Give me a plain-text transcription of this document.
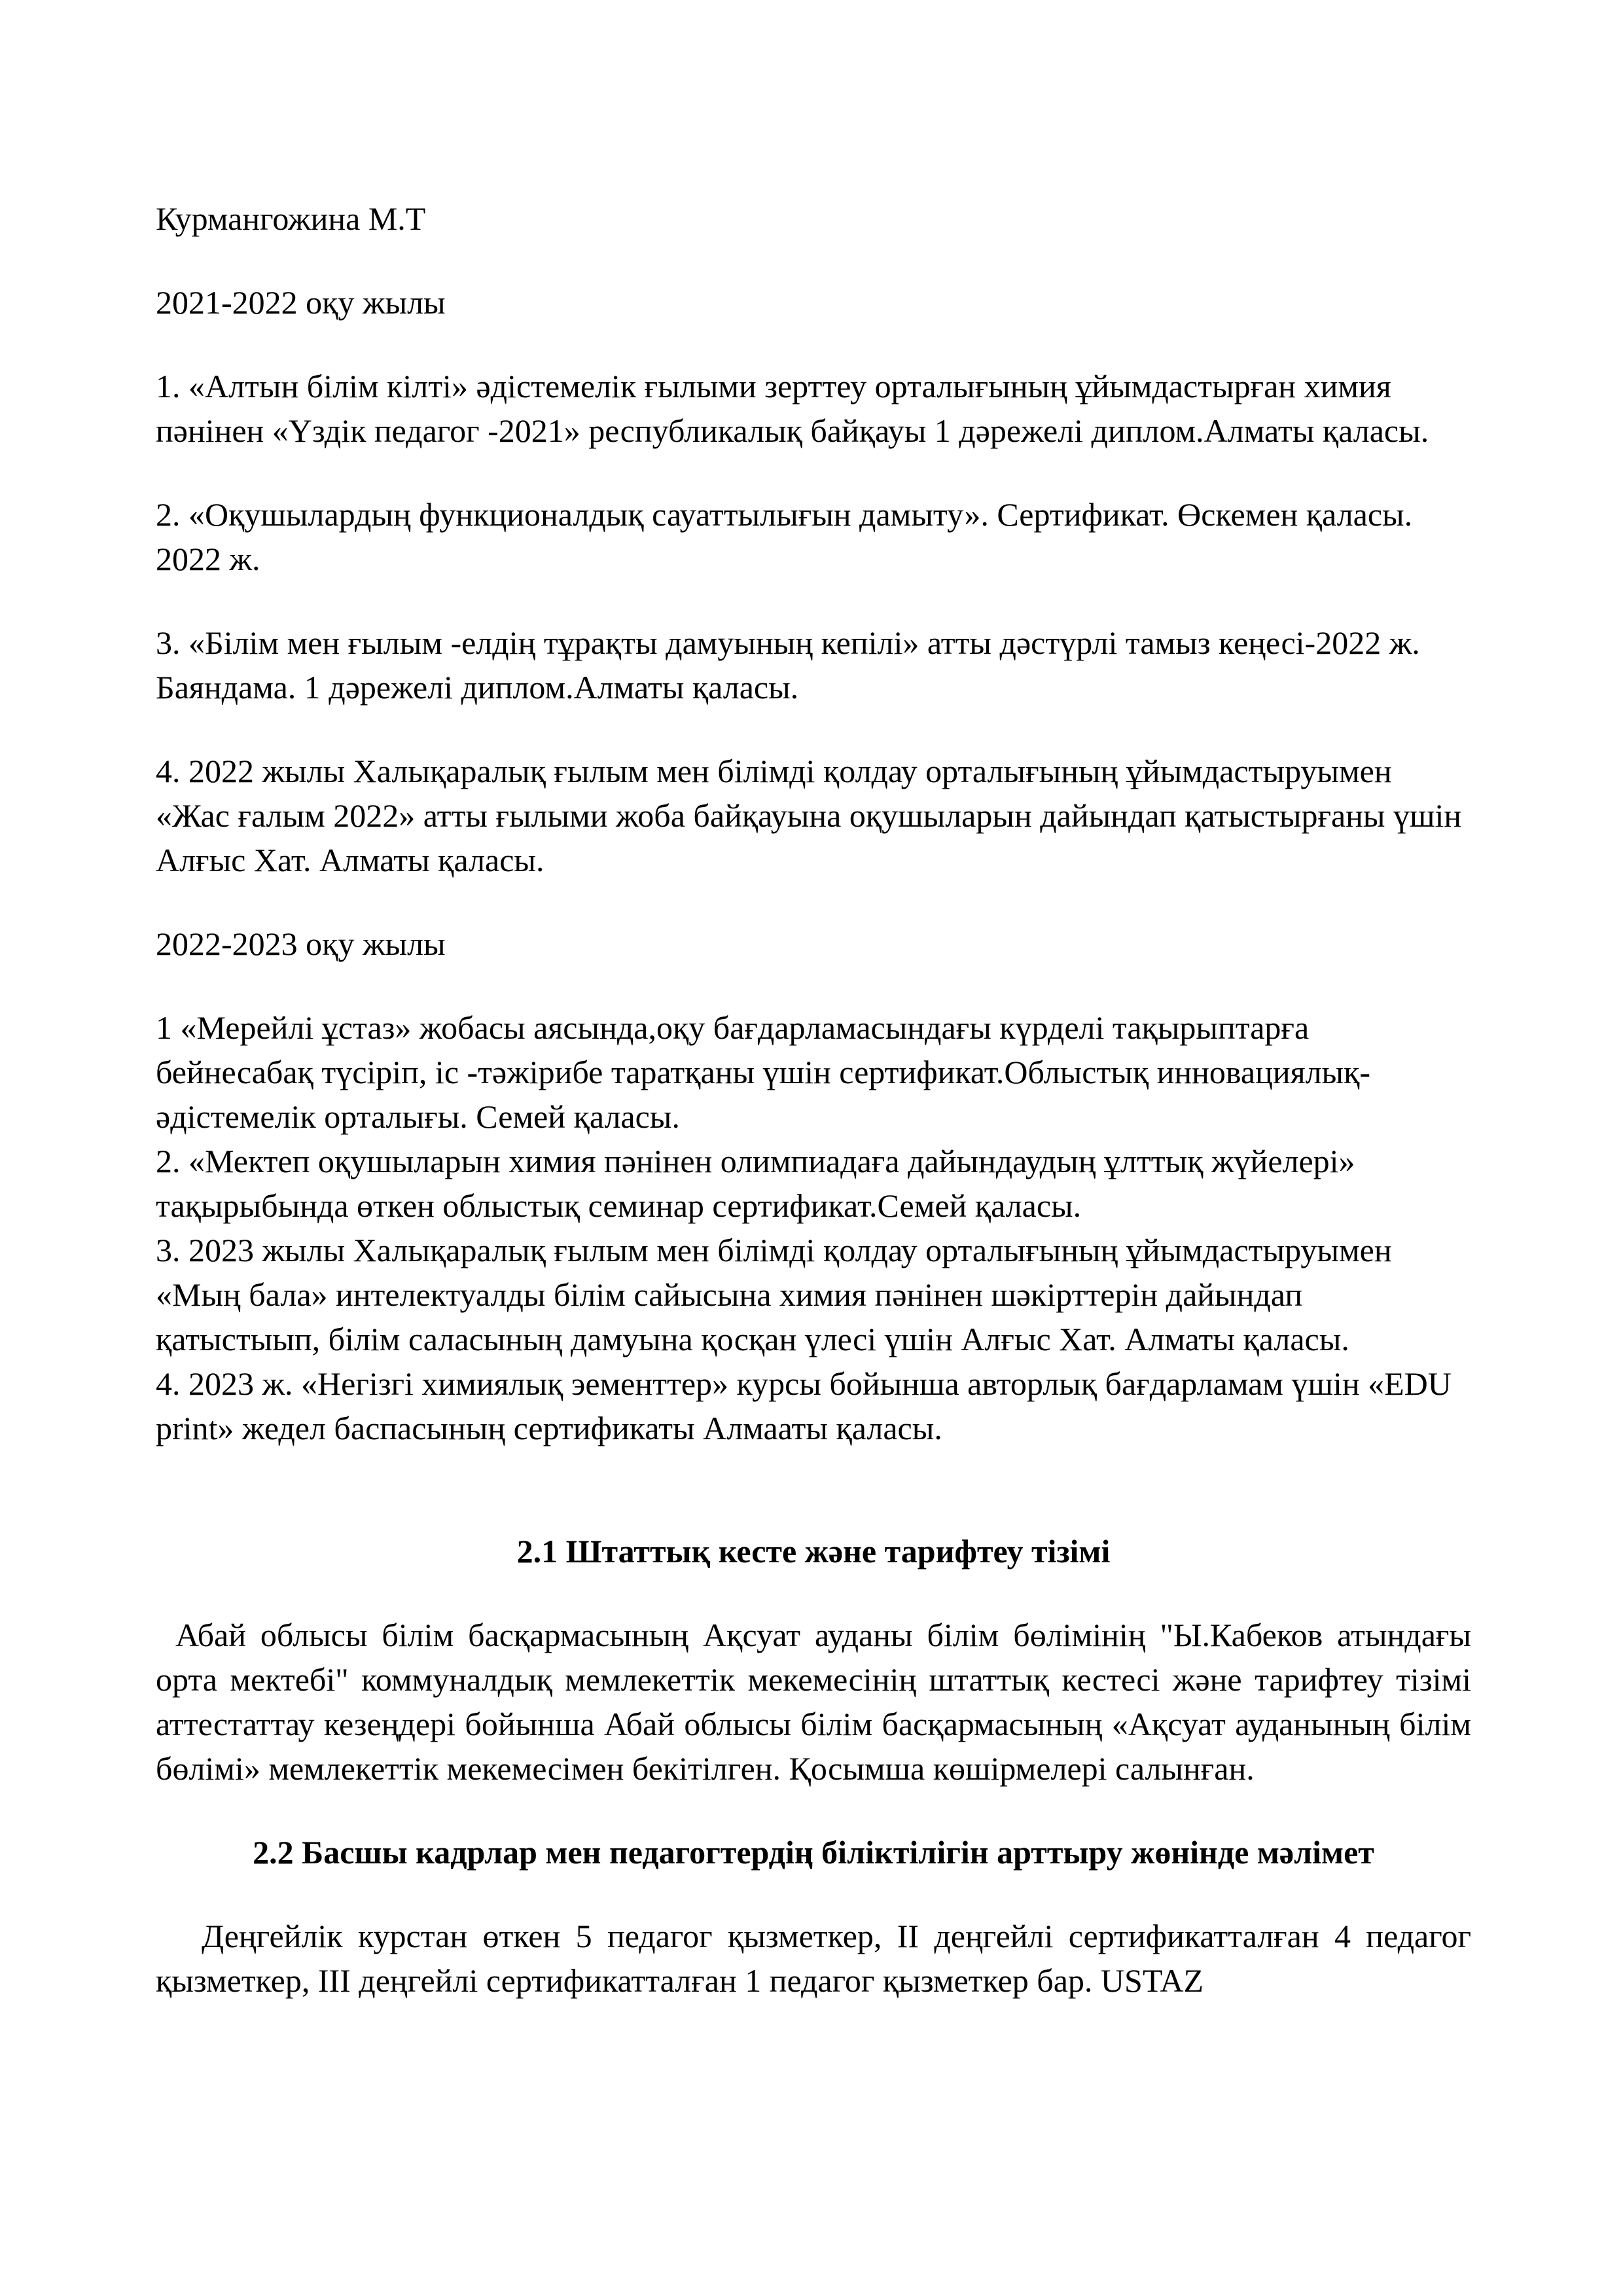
Курмангожина М.Т

2021-2022 оқу жылы

1. «Алтын білім кілті» әдістемелік ғылыми зерттеу орталығының ұйымдастырған химия пәнінен «Үздік педагог -2021» республикалық байқауы 1 дәрежелі диплом.Алматы қаласы.

2. «Оқушылардың функционалдық сауаттылығын дамыту». Сертификат. Өскемен қаласы. 2022 ж.

3. «Білім мен ғылым -елдің тұрақты дамуының кепілі» атты дәстүрлі тамыз кеңесі-2022 ж. Баяндама. 1 дәрежелі диплом.Алматы қаласы.

4. 2022 жылы Халықаралық ғылым мен білімді қолдау орталығының ұйымдастыруымен «Жас ғалым 2022» атты ғылыми жоба байқауына оқушыларын дайындап қатыстырғаны үшін Алғыс Хат. Алматы қаласы.

2022-2023 оқу жылы

1 «Мерейлі ұстаз» жобасы аясында,оқу бағдарламасындағы күрделі тақырыптарға бейнесабақ түсіріп, іс -тәжірибе таратқаны үшін сертификат.Облыстық инновациялық-әдістемелік орталығы. Семей қаласы.

2. «Мектеп оқушыларын химия пәнінен олимпиадаға дайындаудың ұлттық жүйелері» тақырыбында өткен облыстық семинар сертификат.Семей қаласы.

3. 2023 жылы Халықаралық ғылым мен білімді қолдау орталығының ұйымдастыруымен «Мың бала» интелектуалды білім сайысына химия пәнінен шәкірттерін дайындап қатыстыып, білім саласының дамуына қосқан үлесі үшін Алғыс Хат. Алматы қаласы.

4. 2023 ж. «Негізгі химиялық эементтер» курсы бойынша авторлық бағдарламам үшін «EDU print» жедел баспасының сертификаты Алмааты қаласы.

2.1 Штаттық кесте және тарифтеу тізімі

Абай облысы білім басқармасының Ақсуат ауданы білім бөлімінің "Ы.Кабеков атындағы орта мектебі" коммуналдық мемлекеттік мекемесінің штаттық кестесі және тарифтеу тізімі аттестаттау кезеңдері бойынша Абай облысы білім басқармасының «Ақсуат ауданының білім бөлімі» мемлекеттік мекемесімен бекітілген. Қосымша көшірмелері салынған.

2.2 Басшы кадрлар мен педагогтердің біліктілігін арттыру жөнінде мәлімет

Деңгейлік курстан өткен 5 педагог қызметкер, ІІ деңгейлі сертификатталған 4 педагог қызметкер, ІІІ деңгейлі сертификатталған 1 педагог қызметкер бар. USTAZ
